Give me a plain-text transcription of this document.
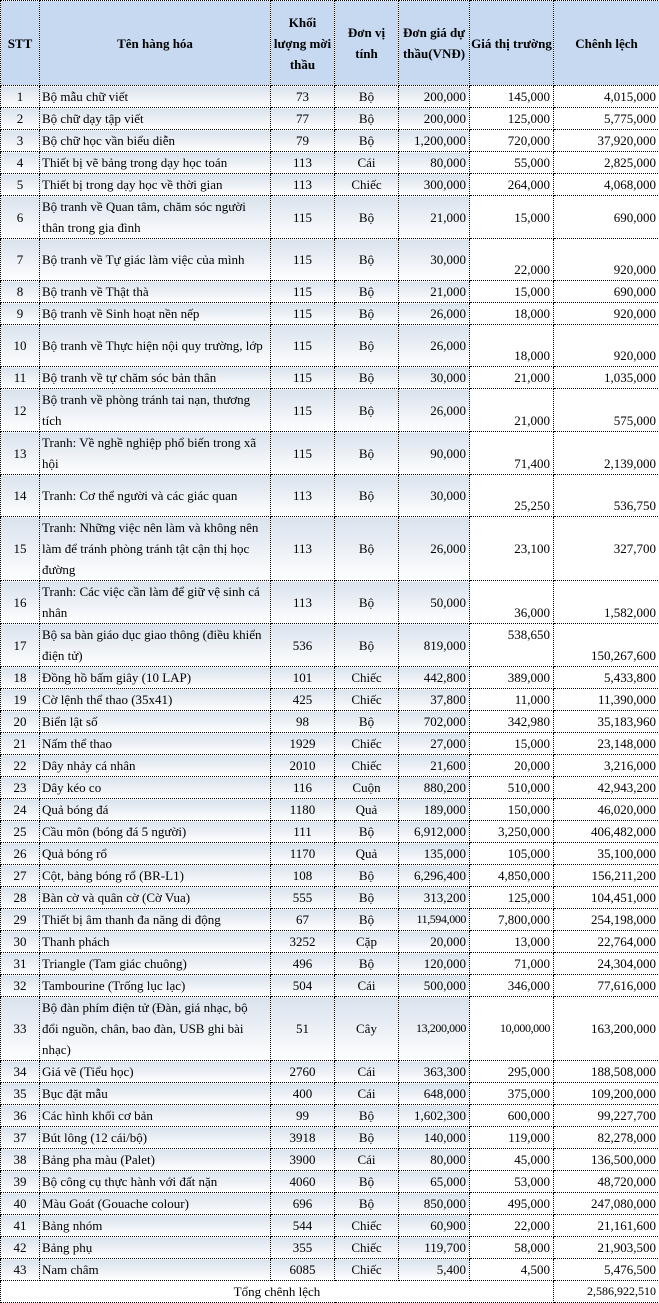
STT	Tên hàng hóa	Khối lượng mời thầu	Đơn vị tính	Đơn giá dự thầu(VNĐ)	Giá thị trường	Chênh lệch
1	Bộ mẫu chữ viết	73	Bộ	200,000	145,000	4,015,000
2	Bộ chữ dạy tập viết	77	Bộ	200,000	125,000	5,775,000
3	Bộ chữ học vần biểu diễn	79	Bộ	1,200,000	720,000	37,920,000
4	Thiết bị vẽ bảng trong dạy học toán	113	Cái	80,000	55,000	2,825,000
5	Thiết bị trong dạy học về thời gian	113	Chiếc	300,000	264,000	4,068,000
6	Bộ tranh về Quan tâm, chăm sóc người thân trong gia đình	115	Bộ	21,000	15,000	690,000
7	Bộ tranh về Tự giác làm việc của mình	115	Bộ	30,000	22,000	920,000
8	Bộ tranh về Thật thà	115	Bộ	21,000	15,000	690,000
9	Bộ tranh về Sinh hoạt nền nếp	115	Bộ	26,000	18,000	920,000
10	Bộ tranh về Thực hiện nội quy trường, lớp	115	Bộ	26,000	18,000	920,000
11	Bộ tranh về tự chăm sóc bản thân	115	Bộ	30,000	21,000	1,035,000
12	Bộ tranh về phòng tránh tai nạn, thương tích	115	Bộ	26,000	21,000	575,000
13	Tranh: Về nghề nghiệp phổ biến trong xã hội	115	Bộ	90,000	71,400	2,139,000
14	Tranh: Cơ thể người và các giác quan	113	Bộ	30,000	25,250	536,750
15	Tranh: Những việc nên làm và không nên làm để tránh phòng tránh tật cận thị học đường	113	Bộ	26,000	23,100	327,700
16	Tranh: Các việc cần làm để giữ vệ sinh cá nhân	113	Bộ	50,000	36,000	1,582,000
17	Bộ sa bàn giáo dục giao thông (điều khiển điện tử)	536	Bộ	819,000	538,650	150,267,600
18	Đồng hồ bấm giây (10 LAP)	101	Chiếc	442,800	389,000	5,433,800
19	Cờ lệnh thể thao (35x41)	425	Chiếc	37,800	11,000	11,390,000
20	Biển lật số	98	Bộ	702,000	342,980	35,183,960
21	Nấm thể thao	1929	Chiếc	27,000	15,000	23,148,000
22	Dây nhảy cá nhân	2010	Chiếc	21,600	20,000	3,216,000
23	Dây kéo co	116	Cuộn	880,200	510,000	42,943,200
24	Quả bóng đá	1180	Quả	189,000	150,000	46,020,000
25	Cầu môn (bóng đá 5 người)	111	Bộ	6,912,000	3,250,000	406,482,000
26	Quả bóng rổ	1170	Quả	135,000	105,000	35,100,000
27	Cột, bảng bóng rổ (BR-L1)	108	Bộ	6,296,400	4,850,000	156,211,200
28	Bàn cờ và quân cờ (Cờ Vua)	555	Bộ	313,200	125,000	104,451,000
29	Thiết bị âm thanh đa năng di động	67	Bộ	11,594,000	7,800,000	254,198,000
30	Thanh phách	3252	Cặp	20,000	13,000	22,764,000
31	Triangle (Tam giác chuông)	496	Bộ	120,000	71,000	24,304,000
32	Tambourine (Trống lục lạc)	504	Cái	500,000	346,000	77,616,000
33	Bộ đàn phím điện tử (Đàn, giá nhạc, bộ đổi nguồn, chân, bao đàn, USB ghi bài nhạc)	51	Cây	13,200,000	10,000,000	163,200,000
34	Giá vẽ (Tiểu học)	2760	Cái	363,300	295,000	188,508,000
35	Bục đặt mẫu	400	Cái	648,000	375,000	109,200,000
36	Các hình khối cơ bản	99	Bộ	1,602,300	600,000	99,227,700
37	Bút lông (12 cái/bộ)	3918	Bộ	140,000	119,000	82,278,000
38	Bảng pha màu (Palet)	3900	Cái	80,000	45,000	136,500,000
39	Bộ công cụ thực hành với đất nặn	4060	Bộ	65,000	53,000	48,720,000
40	Màu Goát (Gouache colour)	696	Bộ	850,000	495,000	247,080,000
41	Bảng nhóm	544	Chiếc	60,900	22,000	21,161,600
42	Bảng phụ	355	Chiếc	119,700	58,000	21,903,500
43	Nam châm	6085	Chiếc	5,400	4,500	5,476,500
Tổng chênh lệch						2,586,922,510
